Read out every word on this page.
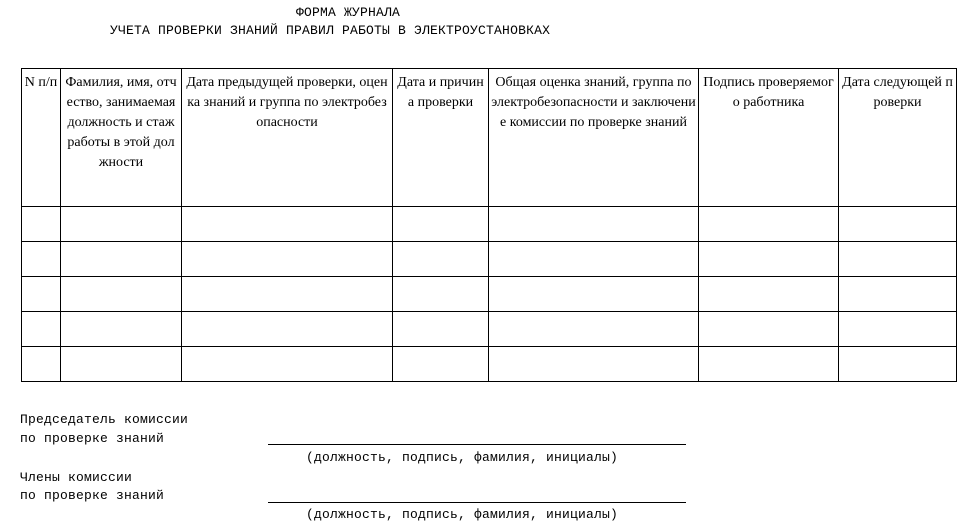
ФОРМА ЖУРНАЛА
УЧЕТА ПРОВЕРКИ ЗНАНИЙ ПРАВИЛ РАБОТЫ В ЭЛЕКТРОУСТАНОВКАХ
N п/п	Фамилия, имя, отчество, занимаемая должность и стаж работы в этой должности	Дата предыдущей проверки, оценка знаний и группа по электробезопасности	Дата и причина проверки	Общая оценка знаний, группа по электробезопасности и заключение комиссии по проверке знаний	Подпись проверяемого работника	Дата следующей проверки

Председатель комиссии
по проверке знаний
(должность, подпись, фамилия, инициалы)
Члены комиссии
по проверке знаний
(должность, подпись, фамилия, инициалы)
